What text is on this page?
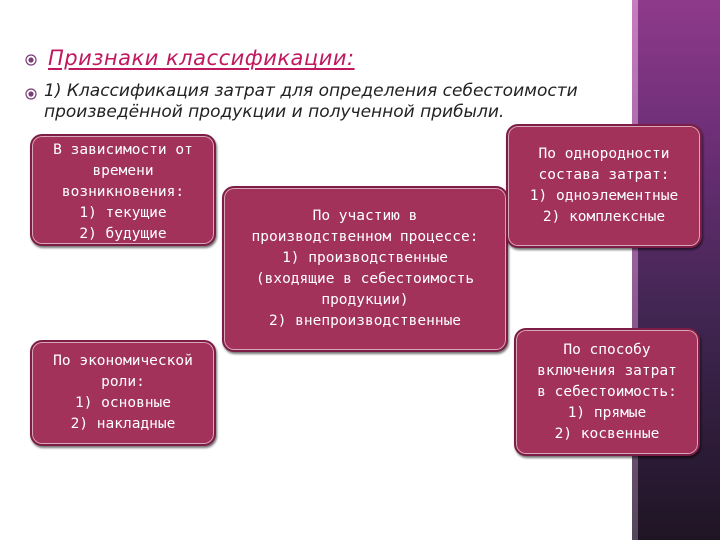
Признаки классификации:
1) Классификация затрат для определения себестоимости произведённой продукции и полученной прибыли.
В зависимости от
времени
возникновения:
1) текущие
2) будущие
По участию в
производственном процессе:
1) производственные
(входящие в себестоимость
продукции)
2) внепроизводственные
По однородности
состава затрат:
1) одноэлементные
2) комплексные
По экономической
роли:
1) основные
2) накладные
По способу
включения затрат
в себестоимость:
1) прямые
2) косвенные
